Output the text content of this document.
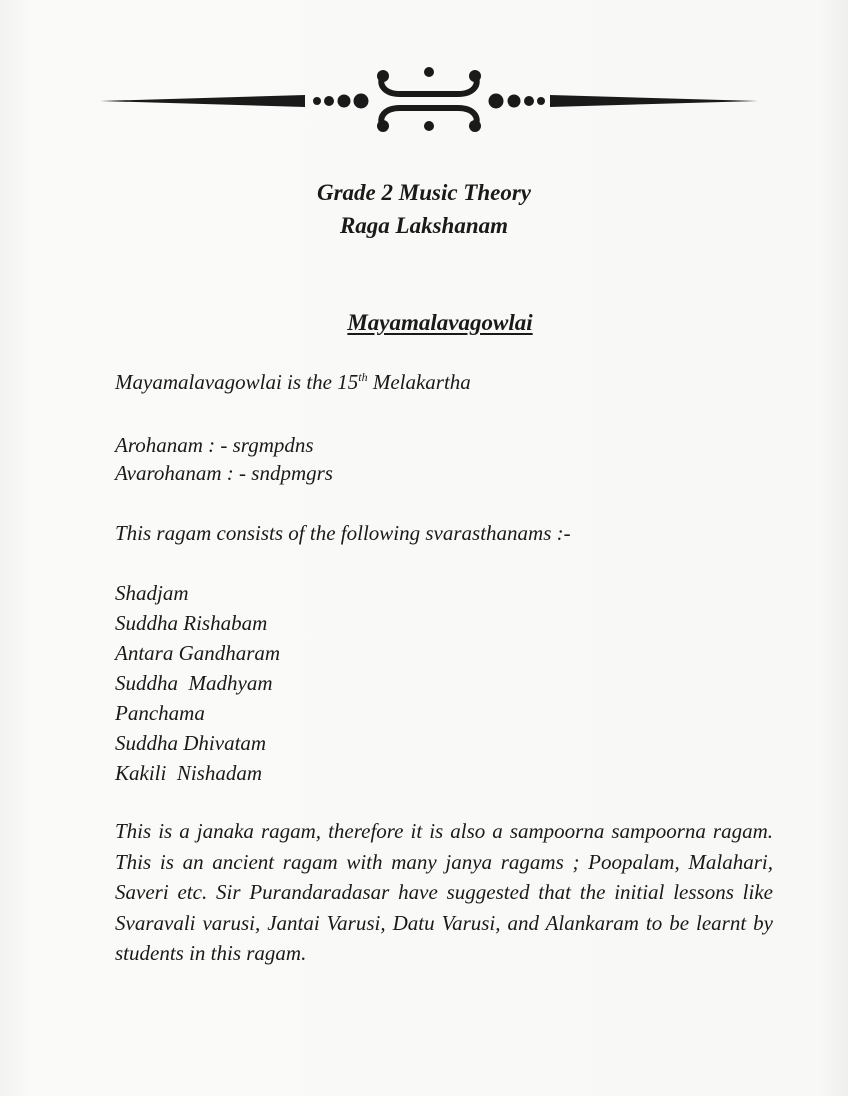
Grade 2 Music Theory
Raga Lakshanam
Mayamalavagowlai
Mayamalavagowlai is the 15th Melakartha
Arohanam : - srgmpdns
Avarohanam : - sndpmgrs
This ragam consists of the following svarasthanams :-
Shadjam
Suddha Rishabam
Antara Gandharam
Suddha  Madhyam
Panchama
Suddha Dhivatam
Kakili  Nishadam
This is a janaka ragam, therefore it is also a sampoorna sampoorna ragam. This is an ancient ragam with many janya ragams ; Poopalam, Malahari, Saveri etc. Sir Purandaradasar have suggested that the initial lessons like Svaravali varusi, Jantai Varusi, Datu Varusi, and Alankaram to be learnt by students in this ragam.
